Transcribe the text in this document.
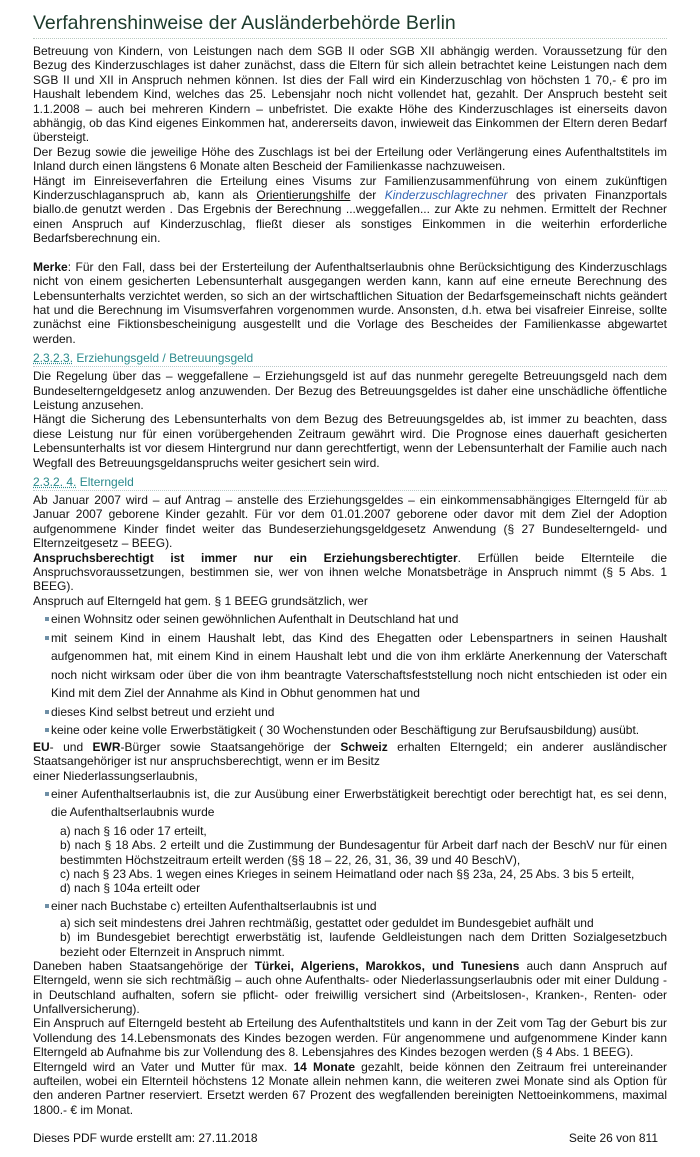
Verfahrenshinweise der Ausländerbehörde Berlin

Betreuung von Kindern, von Leistungen nach dem SGB II oder SGB XII abhängig werden. Voraussetzung für den Bezug des Kinderzuschlages ist daher zunächst, dass die Eltern für sich allein betrachtet keine Leistungen nach dem SGB II und XII in Anspruch nehmen können. Ist dies der Fall wird ein Kinderzuschlag von höchsten 1 70,- € pro im Haushalt lebendem Kind, welches das 25. Lebensjahr noch nicht vollendet hat, gezahlt. Der Anspruch besteht seit 1.1.2008 – auch bei mehreren Kindern – unbefristet. Die exakte Höhe des Kinderzuschlages ist einerseits davon abhängig, ob das Kind eigenes Einkommen hat, andererseits davon, inwieweit das Einkommen der Eltern deren Bedarf übersteigt.

Der Bezug sowie die jeweilige Höhe des Zuschlags ist bei der Erteilung oder Verlängerung eines Aufenthaltstitels im Inland durch einen längstens 6 Monate alten Bescheid der Familienkasse nachzuweisen.

Hängt im Einreiseverfahren die Erteilung eines Visums zur Familienzusammenführung von einem zukünftigen Kinderzuschlaganspruch ab, kann als Orientierungshilfe der Kinderzuschlagrechner des privaten Finanzportals biallo.de genutzt werden . Das Ergebnis der Berechnung ...weggefallen... zur Akte zu nehmen. Ermittelt der Rechner einen Anspruch auf Kinderzuschlag, fließt dieser als sonstiges Einkommen in die weiterhin erforderliche Bedarfsberechnung ein.

Merke: Für den Fall, dass bei der Ersterteilung der Aufenthaltserlaubnis ohne Berücksichtigung des Kinderzuschlags nicht von einem gesicherten Lebensunterhalt ausgegangen werden kann, kann auf eine erneute Berechnung des Lebensunterhalts verzichtet werden, so sich an der wirtschaftlichen Situation der Bedarfsgemeinschaft nichts geändert hat und die Berechnung im Visumsverfahren vorgenommen wurde. Ansonsten, d.h. etwa bei visafreier Einreise, sollte zunächst eine Fiktionsbescheinigung ausgestellt und die Vorlage des Bescheides der Familienkasse abgewartet werden.

2.3.2.3. Erziehungsgeld / Betreuungsgeld

Die Regelung über das – weggefallene – Erziehungsgeld ist auf das nunmehr geregelte Betreuungsgeld nach dem Bundeselterngeldgesetz anlog anzuwenden. Der Bezug des Betreuungsgeldes ist daher eine unschädliche öffentliche Leistung anzusehen.

Hängt die Sicherung des Lebensunterhalts von dem Bezug des Betreuungsgeldes ab, ist immer zu beachten, dass diese Leistung nur für einen vorübergehenden Zeitraum gewährt wird. Die Prognose eines dauerhaft gesicherten Lebensunterhalts ist vor diesem Hintergrund nur dann gerechtfertigt, wenn der Lebensunterhalt der Familie auch nach Wegfall des Betreuungsgeldanspruchs weiter gesichert sein wird.

2.3.2. 4. Elterngeld

Ab Januar 2007 wird – auf Antrag – anstelle des Erziehungsgeldes – ein einkommensabhängiges Elterngeld für ab Januar 2007 geborene Kinder gezahlt. Für vor dem 01.01.2007 geborene oder davor mit dem Ziel der Adoption aufgenommene Kinder findet weiter das Bundeserziehungsgeldgesetz Anwendung (§ 27 Bundeselterngeld- und Elternzeitgesetz – BEEG).

Anspruchsberechtigt ist immer nur ein Erziehungsberechtigter. Erfüllen beide Elternteile die Anspruchsvoraussetzungen, bestimmen sie, wer von ihnen welche Monatsbeträge in Anspruch nimmt (§ 5 Abs. 1 BEEG).

Anspruch auf Elterngeld hat gem. § 1 BEEG grundsätzlich, wer

einen Wohnsitz oder seinen gewöhnlichen Aufenthalt in Deutschland hat und
mit seinem Kind in einem Haushalt lebt, das Kind des Ehegatten oder Lebenspartners in seinen Haushalt aufgenommen hat, mit einem Kind in einem Haushalt lebt und die von ihm erklärte Anerkennung der Vaterschaft noch nicht wirksam oder über die von ihm beantragte Vaterschaftsfeststellung noch nicht entschieden ist oder ein Kind mit dem Ziel der Annahme als Kind in Obhut genommen hat und
dieses Kind selbst betreut und erzieht und
keine oder keine volle Erwerbstätigkeit ( 30 Wochenstunden oder Beschäftigung zur Berufsausbildung) ausübt.

EU- und EWR-Bürger sowie Staatsangehörige der Schweiz erhalten Elterngeld; ein anderer ausländischer Staatsangehöriger ist nur anspruchsberechtigt, wenn er im Besitz

einer Niederlassungserlaubnis,

einer Aufenthaltserlaubnis ist, die zur Ausübung einer Erwerbstätigkeit berechtigt oder berechtigt hat, es sei denn, die Aufenthaltserlaubnis wurde

a) nach § 16 oder 17 erteilt,

b) nach § 18 Abs. 2 erteilt und die Zustimmung der Bundesagentur für Arbeit darf nach der BeschV nur für einen bestimmten Höchstzeitraum erteilt werden (§§ 18 – 22, 26, 31, 36, 39 und 40 BeschV),

c) nach § 23 Abs. 1 wegen eines Krieges in seinem Heimatland oder nach §§ 23a, 24, 25 Abs. 3 bis 5 erteilt,

d) nach § 104a erteilt oder

einer nach Buchstabe c) erteilten Aufenthaltserlaubnis ist und

a) sich seit mindestens drei Jahren rechtmäßig, gestattet oder geduldet im Bundesgebiet aufhält und

b) im Bundesgebiet berechtigt erwerbstätig ist, laufende Geldleistungen nach dem Dritten Sozialgesetzbuch bezieht oder Elternzeit in Anspruch nimmt.

Daneben haben Staatsangehörige der Türkei, Algeriens, Marokkos, und Tunesiens auch dann Anspruch auf Elterngeld, wenn sie sich rechtmäßig – auch ohne Aufenthalts- oder Niederlassungserlaubnis oder mit einer Duldung - in Deutschland aufhalten, sofern sie pflicht- oder freiwillig versichert sind (Arbeitslosen-, Kranken-, Renten- oder Unfallversicherung).

Ein Anspruch auf Elterngeld besteht ab Erteilung des Aufenthaltstitels und kann in der Zeit vom Tag der Geburt bis zur Vollendung des 14.Lebensmonats des Kindes bezogen werden. Für angenommene und aufgenommene Kinder kann Elterngeld ab Aufnahme bis zur Vollendung des 8. Lebensjahres des Kindes bezogen werden (§ 4 Abs. 1 BEEG).

Elterngeld wird an Vater und Mutter für max. 14 Monate gezahlt, beide können den Zeitraum frei untereinander aufteilen, wobei ein Elternteil höchstens 12 Monate allein nehmen kann, die weiteren zwei Monate sind als Option für den anderen Partner reserviert. Ersetzt werden 67 Prozent des wegfallenden bereinigten Nettoeinkommens, maximal 1800.- € im Monat.

Dieses PDF wurde erstellt am: 27.11.2018	Seite 26 von 811
